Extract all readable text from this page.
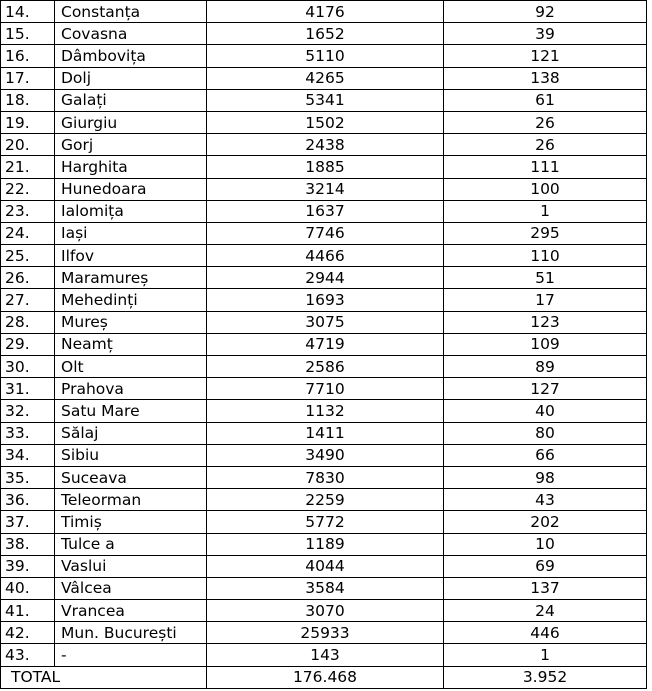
14.	Constanța	4176	92
15.	Covasna	1652	39
16.	Dâmbovița	5110	121
17.	Dolj	4265	138
18.	Galați	5341	61
19.	Giurgiu	1502	26
20.	Gorj	2438	26
21.	Harghita	1885	111
22.	Hunedoara	3214	100
23.	Ialomița	1637	1
24.	Iași	7746	295
25.	Ilfov	4466	110
26.	Maramureș	2944	51
27.	Mehedinți	1693	17
28.	Mureș	3075	123
29.	Neamț	4719	109
30.	Olt	2586	89
31.	Prahova	7710	127
32.	Satu Mare	1132	40
33.	Sălaj	1411	80
34.	Sibiu	3490	66
35.	Suceava	7830	98
36.	Teleorman	2259	43
37.	Timiș	5772	202
38.	Tulce a	1189	10
39.	Vaslui	4044	69
40.	Vâlcea	3584	137
41.	Vrancea	3070	24
42.	Mun. București	25933	446
43.	-	143	1
TOTAL		176.468	3.952
